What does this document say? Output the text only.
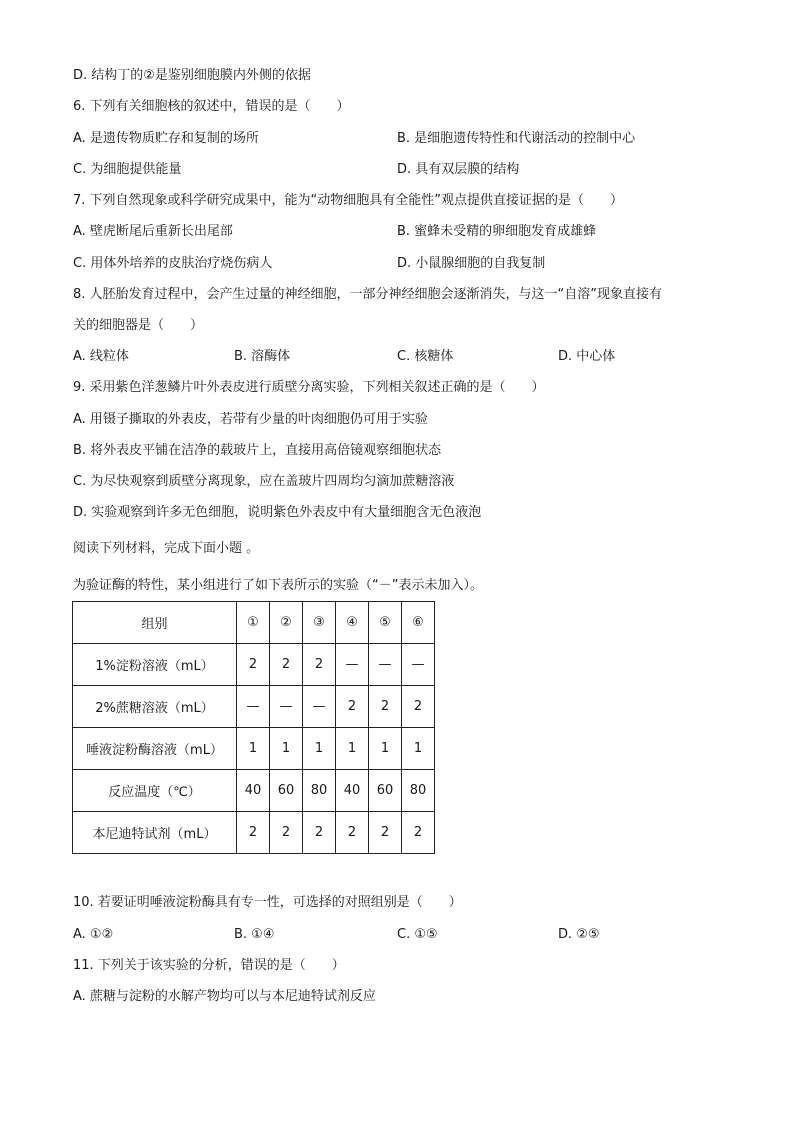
D. 结构丁的②是鉴别细胞膜内外侧的依据
6. 下列有关细胞核的叙述中，错误的是（　　）
A. 是遗传物质贮存和复制的场所	B. 是细胞遗传特性和代谢活动的控制中心
C. 为细胞提供能量	D. 具有双层膜的结构
7. 下列自然现象或科学研究成果中，能为“动物细胞具有全能性”观点提供直接证据的是（　　）
A. 壁虎断尾后重新长出尾部	B. 蜜蜂未受精的卵细胞发育成雄蜂
C. 用体外培养的皮肤治疗烧伤病人	D. 小鼠腺细胞的自我复制
8. 人胚胎发育过程中，会产生过量的神经细胞，一部分神经细胞会逐渐消失，与这一“自溶”现象直接有
关的细胞器是（　　）
A. 线粒体	B. 溶酶体	C. 核糖体	D. 中心体
9. 采用紫色洋葱鳞片叶外表皮进行质壁分离实验，下列相关叙述正确的是（　　）
A. 用镊子撕取的外表皮，若带有少量的叶肉细胞仍可用于实验
B. 将外表皮平铺在洁净的载玻片上，直接用高倍镜观察细胞状态
C. 为尽快观察到质壁分离现象，应在盖玻片四周均匀滴加蔗糖溶液
D. 实验观察到许多无色细胞，说明紫色外表皮中有大量细胞含无色液泡
阅读下列材料，完成下面小题 。
为验证酶的特性，某小组进行了如下表所示的实验（“－”表示未加入）。
组别	①	②	③	④	⑤	⑥
1%淀粉溶液（mL）	2	2	2	—	—	—
2%蔗糖溶液（mL）	—	—	—	2	2	2
唾液淀粉酶溶液（mL）	1	1	1	1	1	1
反应温度（℃）	40	60	80	40	60	80
本尼迪特试剂（mL）	2	2	2	2	2	2
10. 若要证明唾液淀粉酶具有专一性，可选择的对照组别是（　　）
A. ①②	B. ①④	C. ①⑤	D. ②⑤
11. 下列关于该实验的分析，错误的是（　　）
A. 蔗糖与淀粉的水解产物均可以与本尼迪特试剂反应
